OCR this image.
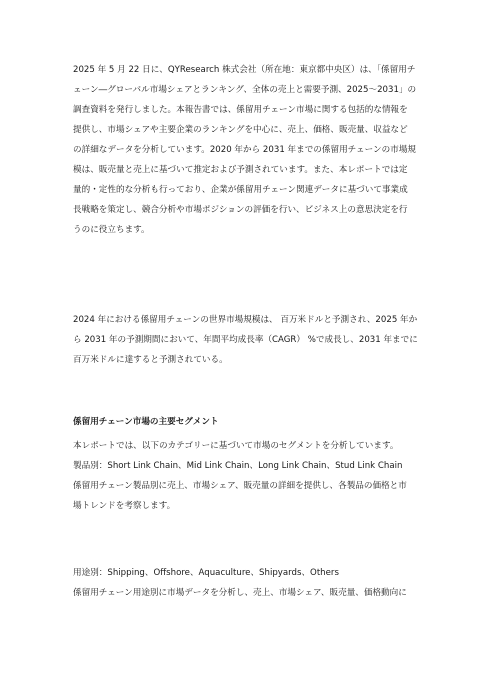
2025 年 5 月 22 日に、QYResearch 株式会社（所在地：東京都中央区）は、「係留用チ
ェーン―グローバル市場シェアとランキング、全体の売上と需要予測、2025～2031」の
調査資料を発行しました。本報告書では、係留用チェーン市場に関する包括的な情報を
提供し、市場シェアや主要企業のランキングを中心に、売上、価格、販売量、収益など
の詳細なデータを分析しています。2020 年から 2031 年までの係留用チェーンの市場規
模は、販売量と売上に基づいて推定および予測されています。また、本レポートでは定
量的・定性的な分析も行っており、企業が係留用チェーン関連データに基づいて事業成
長戦略を策定し、競合分析や市場ポジションの評価を行い、ビジネス上の意思決定を行
うのに役立ちます。
2024 年における係留用チェーンの世界市場規模は、 百万米ドルと予測され、2025 年か
ら 2031 年の予測期間において、年間平均成長率（CAGR） %で成長し、2031 年までに
百万米ドルに達すると予測されている。
係留用チェーン市場の主要セグメント
本レポートでは、以下のカテゴリーに基づいて市場のセグメントを分析しています。
製品別：Short Link Chain、Mid Link Chain、Long Link Chain、Stud Link Chain
係留用チェーン製品別に売上、市場シェア、販売量の詳細を提供し、各製品の価格と市
場トレンドを考察します。
用途別：Shipping、Offshore、Aquaculture、Shipyards、Others
係留用チェーン用途別に市場データを分析し、売上、市場シェア、販売量、価格動向に
